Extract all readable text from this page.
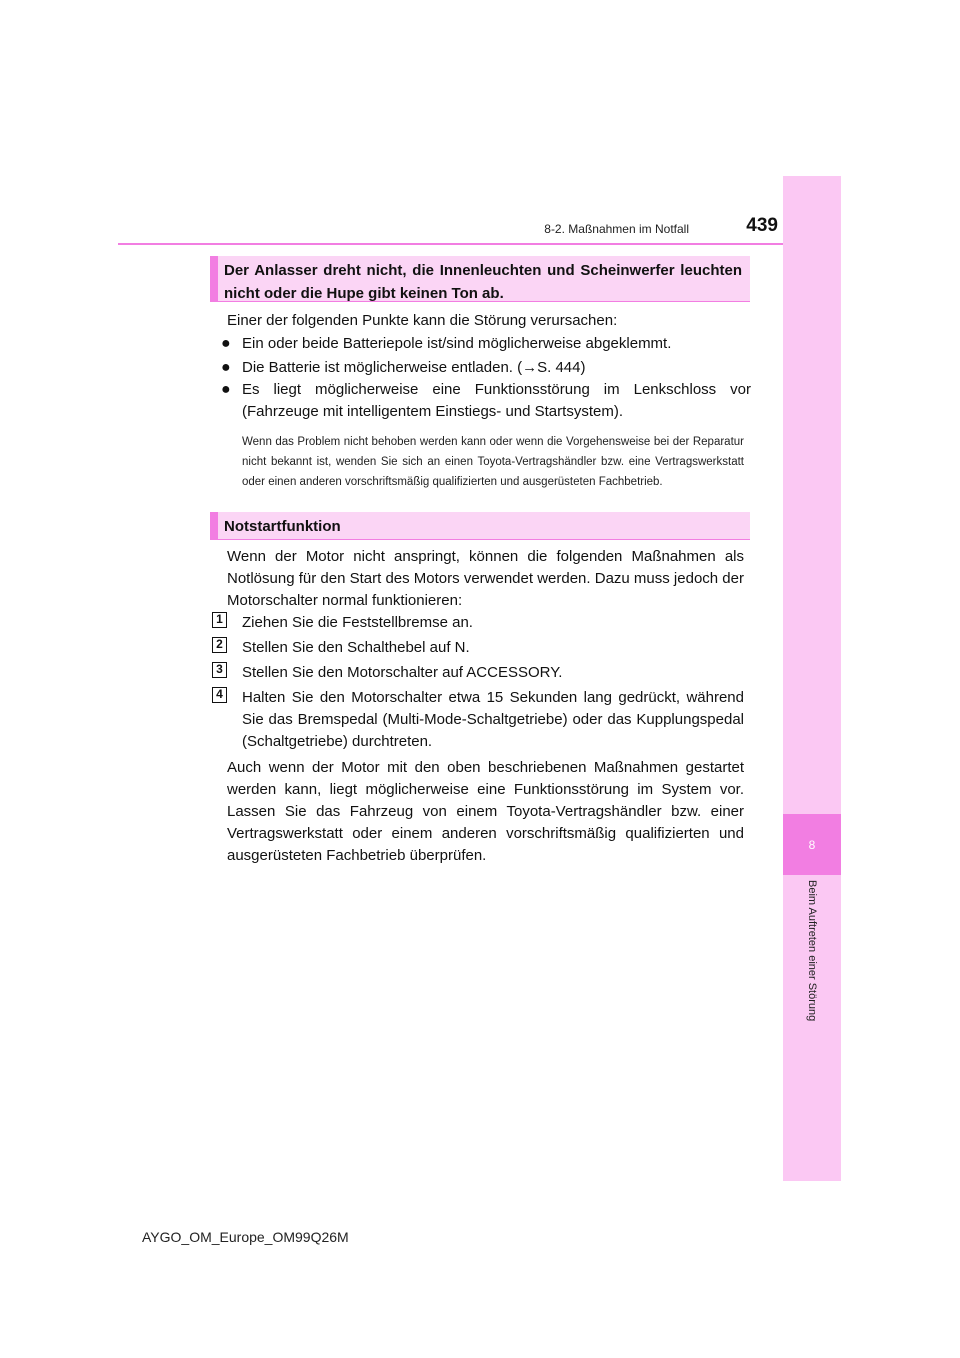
8
Beim Auftreten einer Störung
8-2. Maßnahmen im Notfall	439
Der Anlasser dreht nicht, die Innenleuchten und Scheinwerfer leuchten
nicht oder die Hupe gibt keinen Ton ab.
Einer der folgenden Punkte kann die Störung verursachen:
● Ein oder beide Batteriepole ist/sind möglicherweise abgeklemmt.
● Die Batterie ist möglicherweise entladen. (→S. 444)
● Es liegt möglicherweise eine Funktionsstörung im Lenkschloss vor (Fahrzeuge mit intelligentem Einstiegs- und Startsystem).
Wenn das Problem nicht behoben werden kann oder wenn die Vorgehensweise bei der Reparatur nicht bekannt ist, wenden Sie sich an einen Toyota-Vertragshändler bzw. eine Vertragswerkstatt oder einen anderen vorschriftsmäßig qualifizierten und ausgerüsteten Fachbetrieb.
Notstartfunktion
Wenn der Motor nicht anspringt, können die folgenden Maßnahmen als Notlösung für den Start des Motors verwendet werden. Dazu muss jedoch der Motorschalter normal funktionieren:
1 Ziehen Sie die Feststellbremse an.
2 Stellen Sie den Schalthebel auf N.
3 Stellen Sie den Motorschalter auf ACCESSORY.
4 Halten Sie den Motorschalter etwa 15 Sekunden lang gedrückt, während Sie das Bremspedal (Multi-Mode-Schaltgetriebe) oder das Kupplungspedal (Schaltgetriebe) durchtreten.
Auch wenn der Motor mit den oben beschriebenen Maßnahmen gestartet werden kann, liegt möglicherweise eine Funktionsstörung im System vor. Lassen Sie das Fahrzeug von einem Toyota-Vertragshändler bzw. einer Vertragswerkstatt oder einem anderen vorschriftsmäßig qualifizierten und ausgerüsteten Fachbetrieb überprüfen.
AYGO_OM_Europe_OM99Q26M
